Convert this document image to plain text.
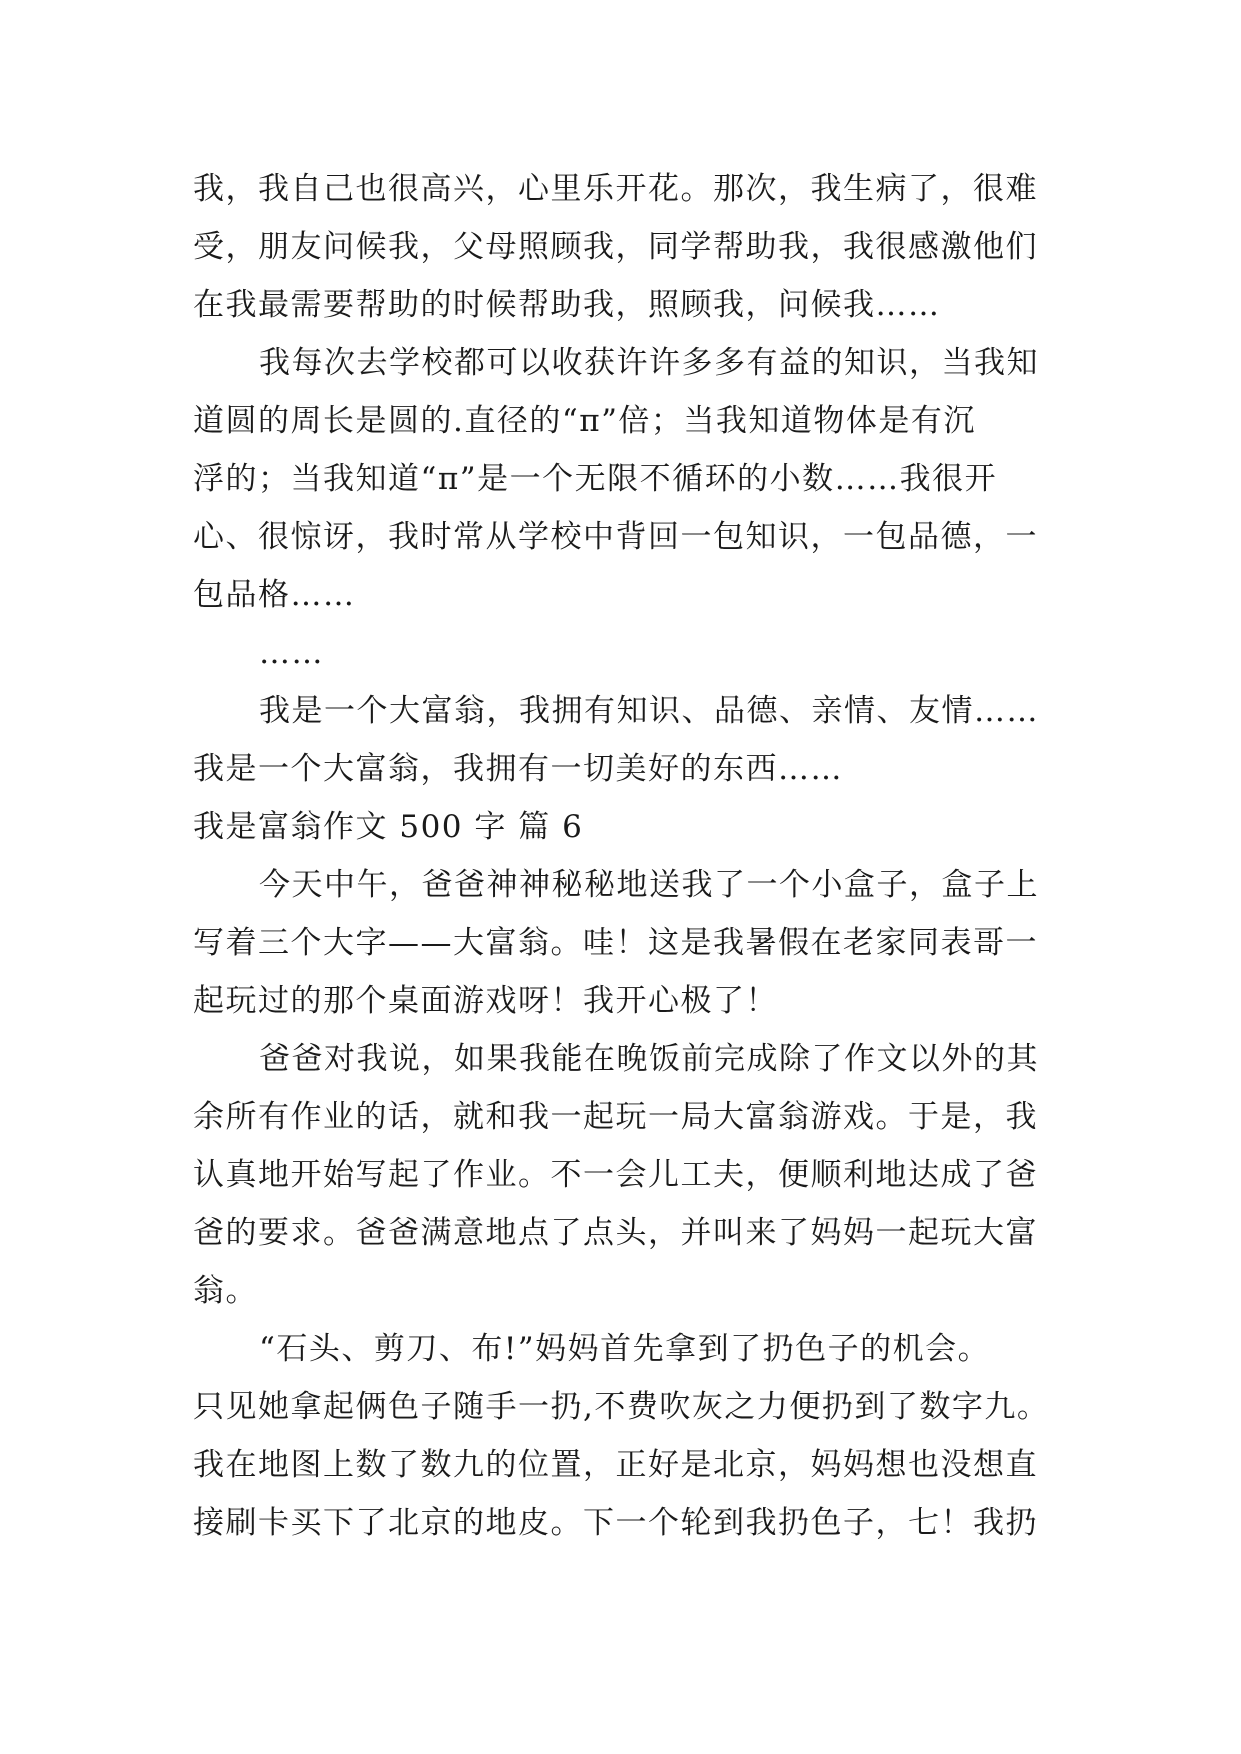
我，我自己也很高兴，心里乐开花。那次，我生病了，很难
受，朋友问候我，父母照顾我，同学帮助我，我很感激他们
在我最需要帮助的时候帮助我，照顾我，问候我……
我每次去学校都可以收获许许多多有益的知识，当我知
道圆的周长是圆的.直径的“π”倍；当我知道物体是有沉
浮的；当我知道“π”是一个无限不循环的小数……我很开
心、很惊讶，我时常从学校中背回一包知识，一包品德，一
包品格……
……
我是一个大富翁，我拥有知识、品德、亲情、友情……
我是一个大富翁，我拥有一切美好的东西……
我是富翁作文 500 字 篇 6
今天中午，爸爸神神秘秘地送我了一个小盒子，盒子上
写着三个大字——大富翁。哇！这是我暑假在老家同表哥一
起玩过的那个桌面游戏呀！我开心极了！
爸爸对我说，如果我能在晚饭前完成除了作文以外的其
余所有作业的话，就和我一起玩一局大富翁游戏。于是，我
认真地开始写起了作业。不一会儿工夫，便顺利地达成了爸
爸的要求。爸爸满意地点了点头，并叫来了妈妈一起玩大富
翁。
“石头、剪刀、布!”妈妈首先拿到了扔色子的机会。
只见她拿起俩色子随手一扔,不费吹灰之力便扔到了数字九。
我在地图上数了数九的位置，正好是北京，妈妈想也没想直
接刷卡买下了北京的地皮。下一个轮到我扔色子，七！我扔
